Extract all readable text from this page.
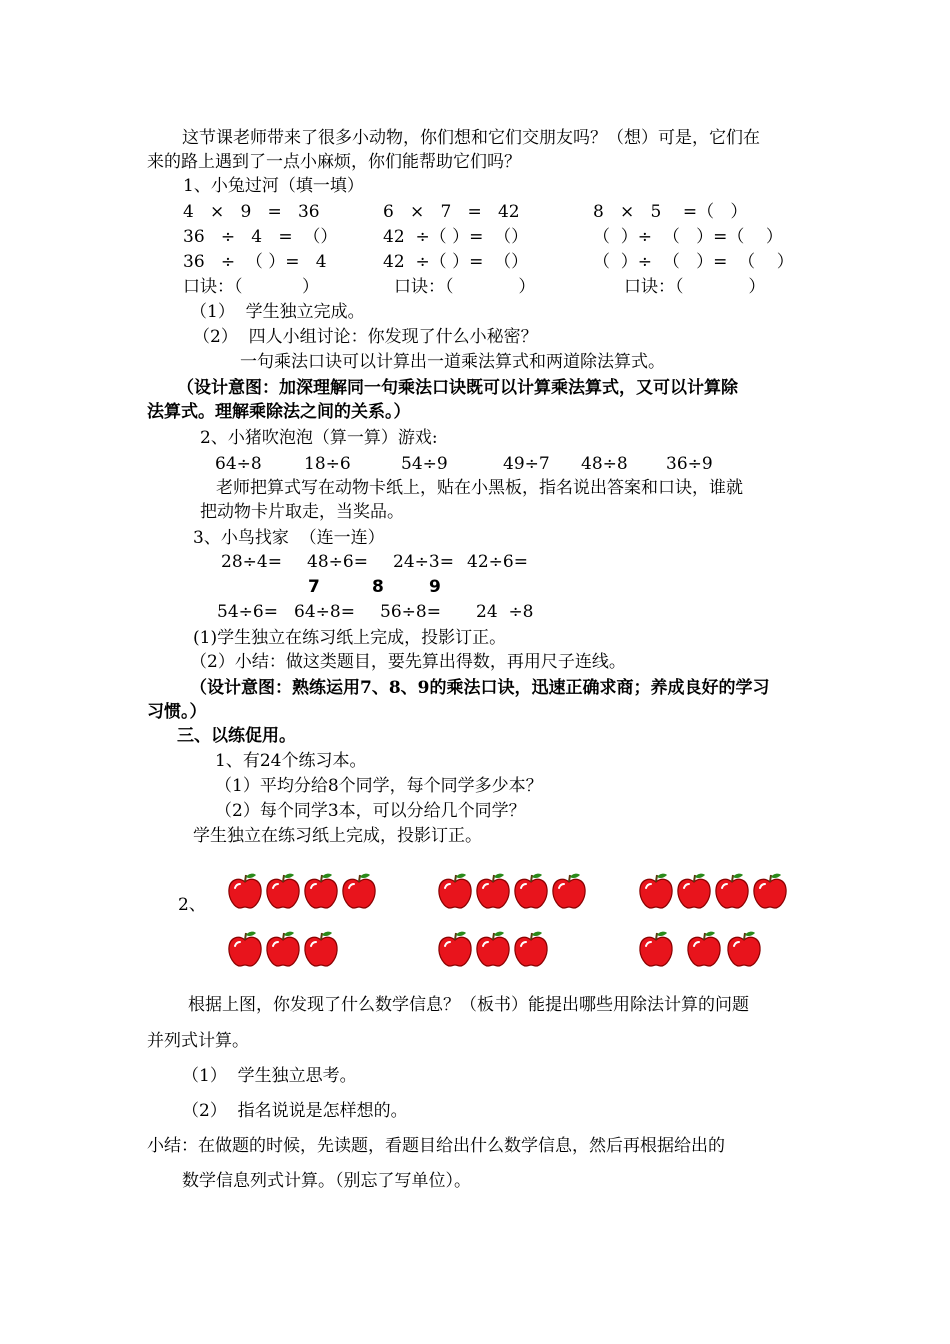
这节课老师带来了很多小动物，你们想和它们交朋友吗？（想）可是，它们在
来的路上遇到了一点小麻烦，你们能帮助它们吗？
1、小兔过河（填一填）
4   ×   9   =   36	6   ×   7   =   42	8   ×   5    =（   ）
36   ÷   4   =  （）	42  ÷（ ）=  （）	（  ）÷  （   ）=（    ）
36   ÷  （ ）=   4	42  ÷（ ）=  （）	（  ）÷  （   ）=  （    ）
口诀：（           ）	口诀：（            ）	口诀：（            ）
（1）  学生独立完成。
（2）  四人小组讨论：你发现了什么小秘密？
一句乘法口诀可以计算出一道乘法算式和两道除法算式。
（设计意图：加深理解同一句乘法口诀既可以计算乘法算式，又可以计算除
法算式。理解乘除法之间的关系。）
2、小猪吹泡泡（算一算）游戏:
64÷8 18÷6	54÷9	49÷7 48÷8 36÷9
老师把算式写在动物卡纸上，贴在小黑板，指名说出答案和口诀，谁就
把动物卡片取走，当奖品。
3、小鸟找家  （连一连）
28÷4= 48÷6= 24÷3= 42÷6=
7	8	9
54÷6= 64÷8= 56÷8= 24  ÷8
(1)学生独立在练习纸上完成，投影订正。
（2）小结：做这类题目，要先算出得数，再用尺子连线。
（设计意图：熟练运用7、8、9的乘法口诀，迅速正确求商；养成良好的学习
习惯。）
三、以练促用。
1、有24个练习本。
（1）平均分给8个同学，每个同学多少本？
（2）每个同学3本，可以分给几个同学？
学生独立在练习纸上完成，投影订正。
2、
根据上图，你发现了什么数学信息？（板书）能提出哪些用除法计算的问题
并列式计算。
（1）  学生独立思考。
（2）  指名说说是怎样想的。
小结：在做题的时候，先读题，看题目给出什么数学信息，然后再根据给出的
数学信息列式计算。（别忘了写单位）。
